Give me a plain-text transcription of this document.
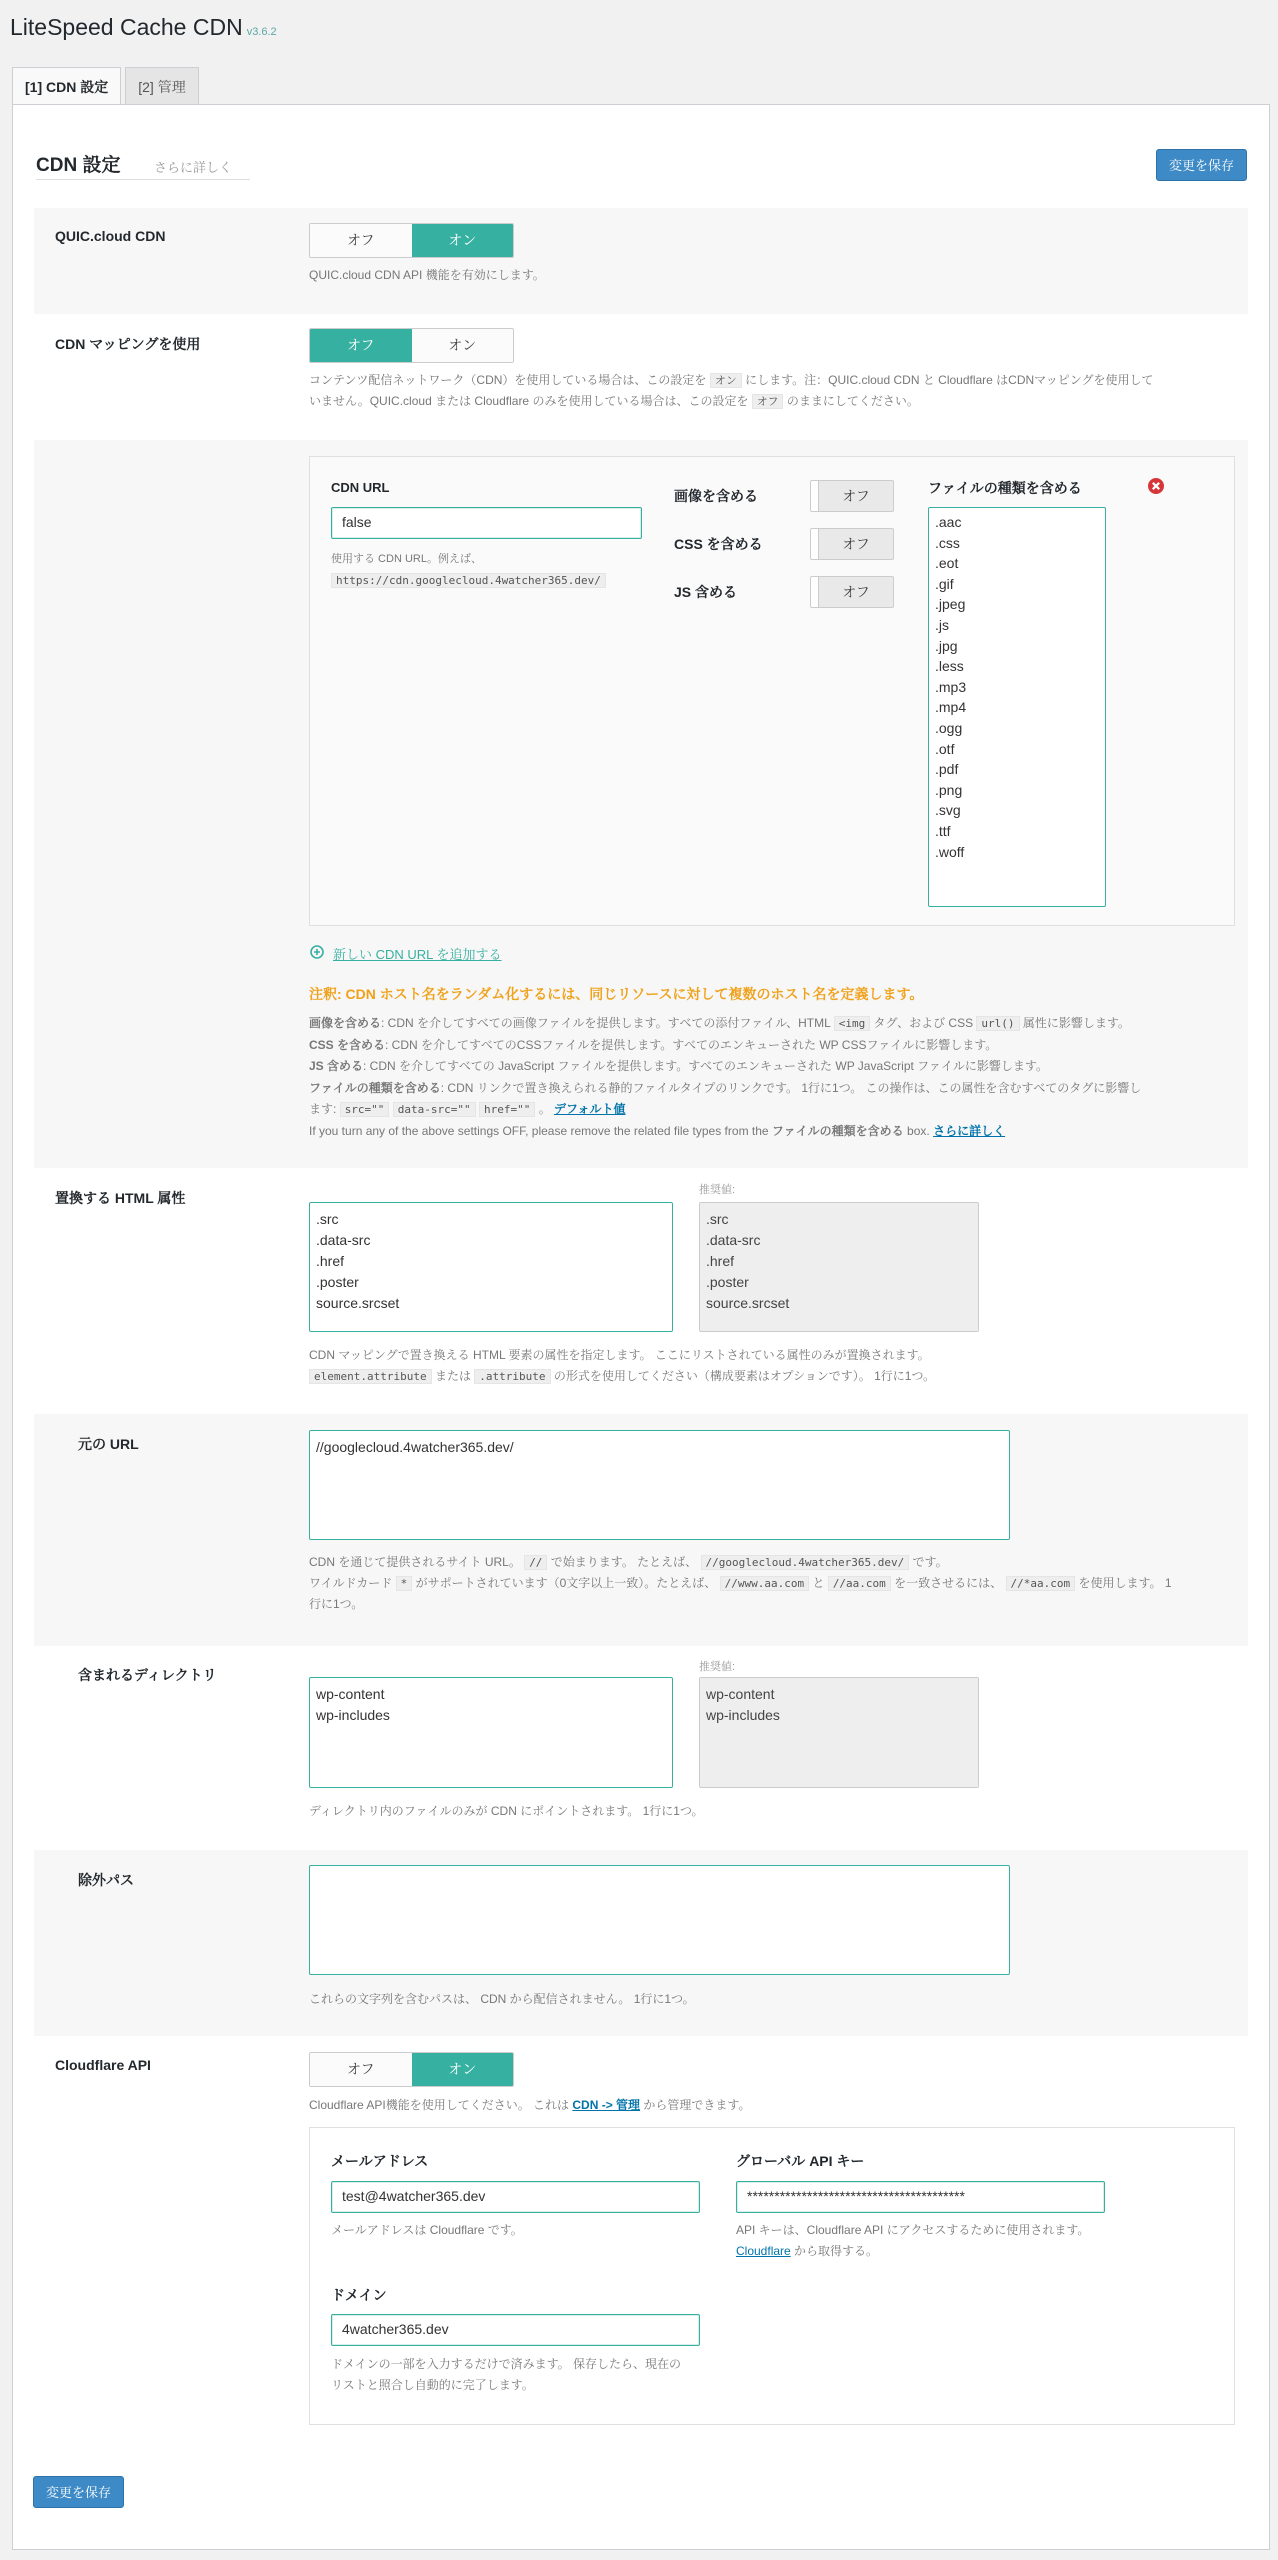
LiteSpeed Cache CDN v3.6.2
[1] CDN 設定	[2] 管理
CDN 設定	さらに詳しく	変更を保存
QUIC.cloud CDN	オフ	オン
QUIC.cloud CDN API 機能を有効にします。
CDN マッピングを使用	オフ	オン
コンテンツ配信ネットワーク（CDN）を使用している場合は、この設定を オン にします。注：QUIC.cloud CDN と Cloudflare はCDNマッピングを使用して
いません。QUIC.cloud または Cloudflare のみを使用している場合は、この設定を オフ のままにしてください。
CDN URL
false
使用する CDN URL。例えば、
https://cdn.googlecloud.4watcher365.dev/
画像を含める	オフ
CSS を含める	オフ
JS 含める	オフ
ファイルの種類を含める
.aac
.css
.eot
.gif
.jpeg
.js
.jpg
.less
.mp3
.mp4
.ogg
.otf
.pdf
.png
.svg
.ttf
.woff
新しい CDN URL を追加する
注釈: CDN ホスト名をランダム化するには、同じリソースに対して複数のホスト名を定義します。
画像を含める: CDN を介してすべての画像ファイルを提供します。すべての添付ファイル、HTML <img タグ、および CSS url() 属性に影響します。
CSS を含める: CDN を介してすべてのCSSファイルを提供します。すべてのエンキューされた WP CSSファイルに影響します。
JS 含める: CDN を介してすべての JavaScript ファイルを提供します。すべてのエンキューされた WP JavaScript ファイルに影響します。
ファイルの種類を含める: CDN リンクで置き換えられる静的ファイルタイプのリンクです。 1行に1つ。 この操作は、この属性を含むすべてのタグに影響し
ます: src="" data-src="" href="" 。 デフォルト値
If you turn any of the above settings OFF, please remove the related file types from the ファイルの種類を含める box. さらに詳しく
置換する HTML 属性
.src
.data-src
.href
.poster
source.srcset
推奨値:
.src
.data-src
.href
.poster
source.srcset
CDN マッピングで置き換える HTML 要素の属性を指定します。 ここにリストされている属性のみが置換されます。
element.attribute または .attribute の形式を使用してください（構成要素はオプションです）。 1行に1つ。
元の URL	//googlecloud.4watcher365.dev/
CDN を通じて提供されるサイト URL。 // で始まります。 たとえば、 //googlecloud.4watcher365.dev/ です。
ワイルドカード * がサポートされています（0文字以上一致）。たとえば、 //www.aa.com と //aa.com を一致させるには、 //*aa.com を使用します。 1
行に1つ。
含まれるディレクトリ
wp-content
wp-includes
推奨値:
wp-content
wp-includes
ディレクトリ内のファイルのみが CDN にポイントされます。 1行に1つ。
除外パス
これらの文字列を含むパスは、 CDN から配信されません。 1行に1つ。
Cloudflare API	オフ	オン
Cloudflare API機能を使用してください。 これは CDN -> 管理 から管理できます。
メールアドレス
test@4watcher365.dev
メールアドレスは Cloudflare です。
グローバル API キー
****************************************
API キーは、Cloudflare API にアクセスするために使用されます。
Cloudflare から取得する。
ドメイン
4watcher365.dev
ドメインの一部を入力するだけで済みます。 保存したら、現在の
リストと照合し自動的に完了します。
変更を保存
